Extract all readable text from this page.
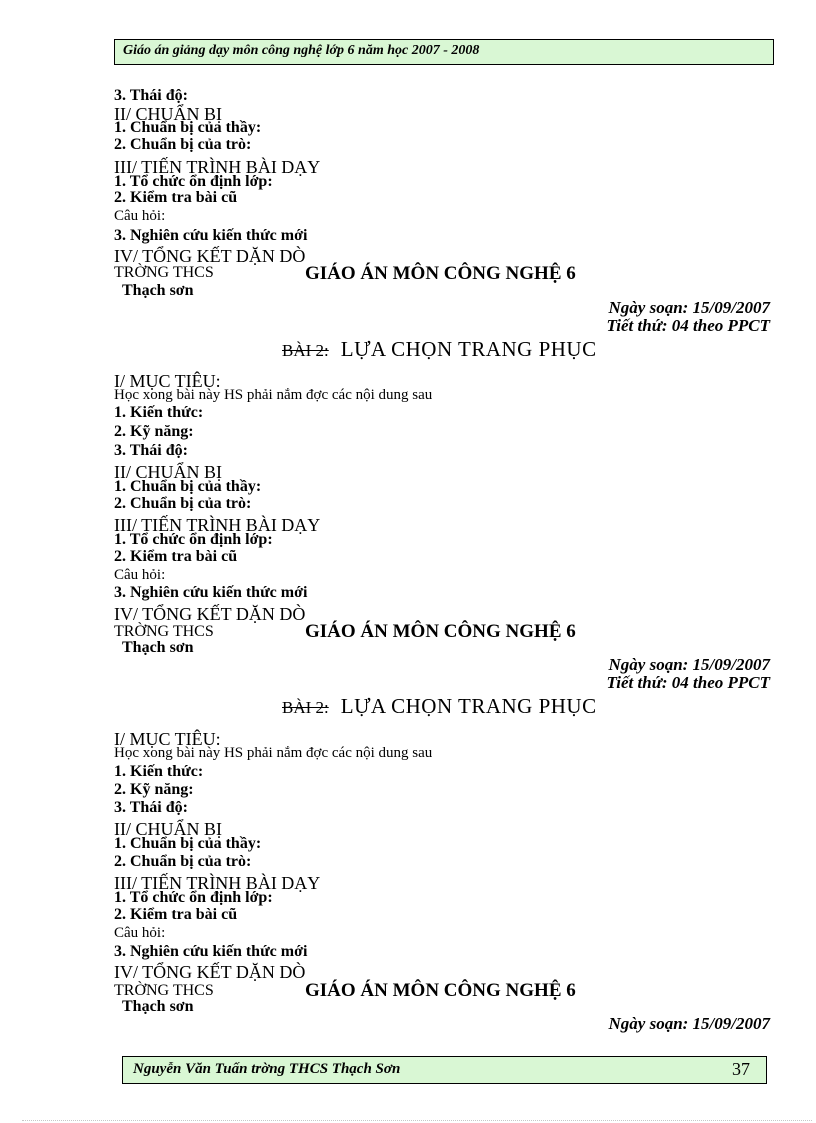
Giáo án giảng dạy môn công nghệ lớp 6 năm học 2007 - 2008
3. Thái độ:
II/ CHUẨN BỊ
1. Chuẩn bị của thầy:
2. Chuẩn bị của trò:
III/ TIẾN TRÌNH BÀI DẠY
1. Tổ chức ổn định lớp:
2. Kiểm tra bài cũ
Câu hỏi:
3. Nghiên cứu kiến thức mới
IV/ TỔNG KẾT DẶN DÒ
TRỜNG THCS	GIÁO ÁN MÔN CÔNG NGHỆ 6
Thạch sơn
Ngày soạn: 15/09/2007
Tiết thứ: 04 theo PPCT
BÀI 2: LỰA CHỌN TRANG PHỤC
I/ MỤC TIÊU:
Học xong bài này HS phải nắm đợc các nội dung sau
1. Kiến thức:
2. Kỹ năng:
3. Thái độ:
II/ CHUẨN BỊ
1. Chuẩn bị của thầy:
2. Chuẩn bị của trò:
III/ TIẾN TRÌNH BÀI DẠY
1. Tổ chức ổn định lớp:
2. Kiểm tra bài cũ
Câu hỏi:
3. Nghiên cứu kiến thức mới
IV/ TỔNG KẾT DẶN DÒ
TRỜNG THCS	GIÁO ÁN MÔN CÔNG NGHỆ 6
Thạch sơn
Ngày soạn: 15/09/2007
Tiết thứ: 04 theo PPCT
BÀI 2: LỰA CHỌN TRANG PHỤC
I/ MỤC TIÊU:
Học xong bài này HS phải nắm đợc các nội dung sau
1. Kiến thức:
2. Kỹ năng:
3. Thái độ:
II/ CHUẨN BỊ
1. Chuẩn bị của thầy:
2. Chuẩn bị của trò:
III/ TIẾN TRÌNH BÀI DẠY
1. Tổ chức ổn định lớp:
2. Kiểm tra bài cũ
Câu hỏi:
3. Nghiên cứu kiến thức mới
IV/ TỔNG KẾT DẶN DÒ
TRỜNG THCS	GIÁO ÁN MÔN CÔNG NGHỆ 6
Thạch sơn
Ngày soạn: 15/09/2007
Nguyễn Văn Tuấn trờng THCS Thạch Sơn	37
